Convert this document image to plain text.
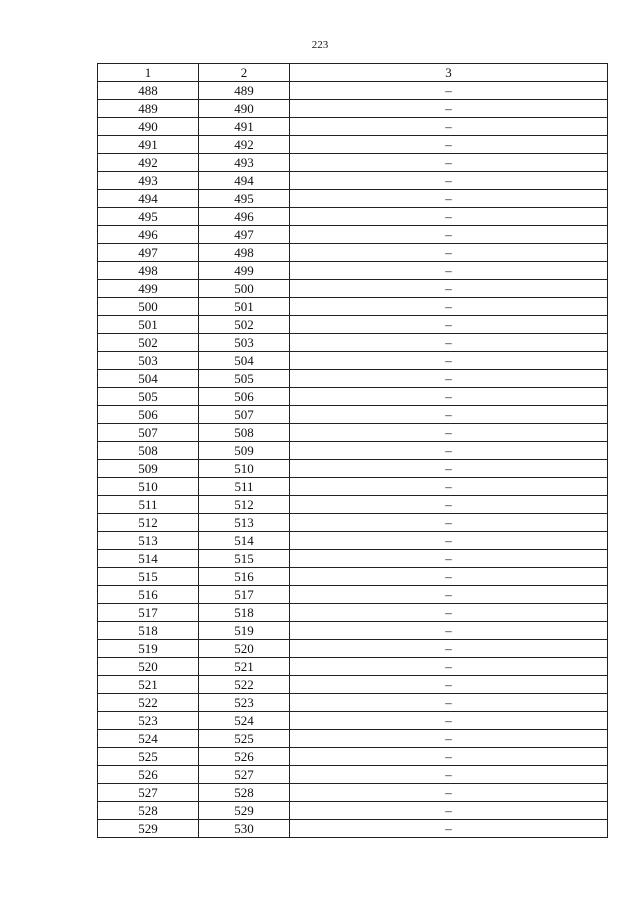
223
1	2	3
488	489	–
489	490	–
490	491	–
491	492	–
492	493	–
493	494	–
494	495	–
495	496	–
496	497	–
497	498	–
498	499	–
499	500	–
500	501	–
501	502	–
502	503	–
503	504	–
504	505	–
505	506	–
506	507	–
507	508	–
508	509	–
509	510	–
510	511	–
511	512	–
512	513	–
513	514	–
514	515	–
515	516	–
516	517	–
517	518	–
518	519	–
519	520	–
520	521	–
521	522	–
522	523	–
523	524	–
524	525	–
525	526	–
526	527	–
527	528	–
528	529	–
529	530	–
